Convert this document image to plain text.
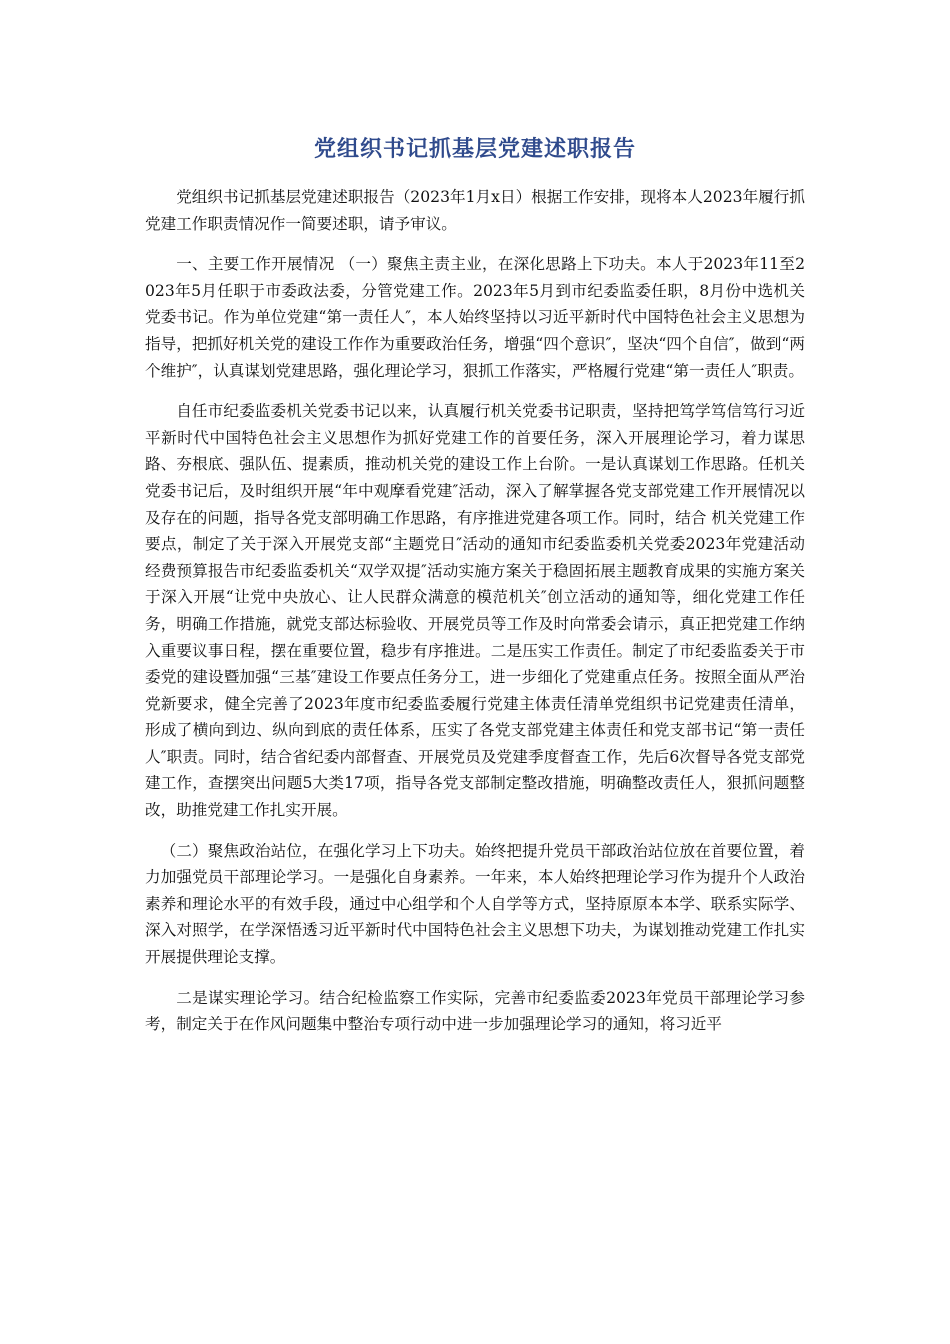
党组织书记抓基层党建述职报告

党组织书记抓基层党建述职报告（2023年1月x日）根据工作安排，现将本人2023年履行抓党建工作职责情况作一简要述职，请予审议。

一、主要工作开展情况 （一）聚焦主责主业，在深化思路上下功夫。本人于2023年11至2023年5月任职于市委政法委，分管党建工作。2023年5月到市纪委监委任职，8月份中选机关党委书记。作为单位党建“第一责任人″，本人始终坚持以习近平新时代中国特色社会主义思想为指导，把抓好机关党的建设工作作为重要政治任务，增强“四个意识″，坚决“四个自信″，做到“两个维护″，认真谋划党建思路，强化理论学习，狠抓工作落实，严格履行党建“第一责任人″职责。

自任市纪委监委机关党委书记以来，认真履行机关党委书记职责，坚持把笃学笃信笃行习近平新时代中国特色社会主义思想作为抓好党建工作的首要任务，深入开展理论学习，着力谋思路、夯根底、强队伍、提素质，推动机关党的建设工作上台阶。一是认真谋划工作思路。任机关党委书记后，及时组织开展“年中观摩看党建″活动，深入了解掌握各党支部党建工作开展情况以及存在的问题，指导各党支部明确工作思路，有序推进党建各项工作。同时，结合 机关党建工作要点，制定了关于深入开展党支部“主题党日″活动的通知市纪委监委机关党委2023年党建活动经费预算报告市纪委监委机关“双学双提″活动实施方案关于稳固拓展主题教育成果的实施方案关于深入开展“让党中央放心、让人民群众满意的模范机关″创立活动的通知等，细化党建工作任务，明确工作措施，就党支部达标验收、开展党员等工作及时向常委会请示，真正把党建工作纳入重要议事日程，摆在重要位置，稳步有序推进。二是压实工作责任。制定了市纪委监委关于市委党的建设暨加强“三基″建设工作要点任务分工，进一步细化了党建重点任务。按照全面从严治党新要求，健全完善了2023年度市纪委监委履行党建主体责任清单党组织书记党建责任清单，形成了横向到边、纵向到底的责任体系，压实了各党支部党建主体责任和党支部书记“第一责任人″职责。同时，结合省纪委内部督查、开展党员及党建季度督查工作，先后6次督导各党支部党建工作，查摆突出问题5大类17项，指导各党支部制定整改措施，明确整改责任人，狠抓问题整改，助推党建工作扎实开展。

（二）聚焦政治站位，在强化学习上下功夫。始终把提升党员干部政治站位放在首要位置，着力加强党员干部理论学习。一是强化自身素养。一年来，本人始终把理论学习作为提升个人政治素养和理论水平的有效手段，通过中心组学和个人自学等方式，坚持原原本本学、联系实际学、深入对照学，在学深悟透习近平新时代中国特色社会主义思想下功夫，为谋划推动党建工作扎实开展提供理论支撑。

二是谋实理论学习。结合纪检监察工作实际，完善市纪委监委2023年党员干部理论学习参考，制定关于在作风问题集中整治专项行动中进一步加强理论学习的通知，将习近平
